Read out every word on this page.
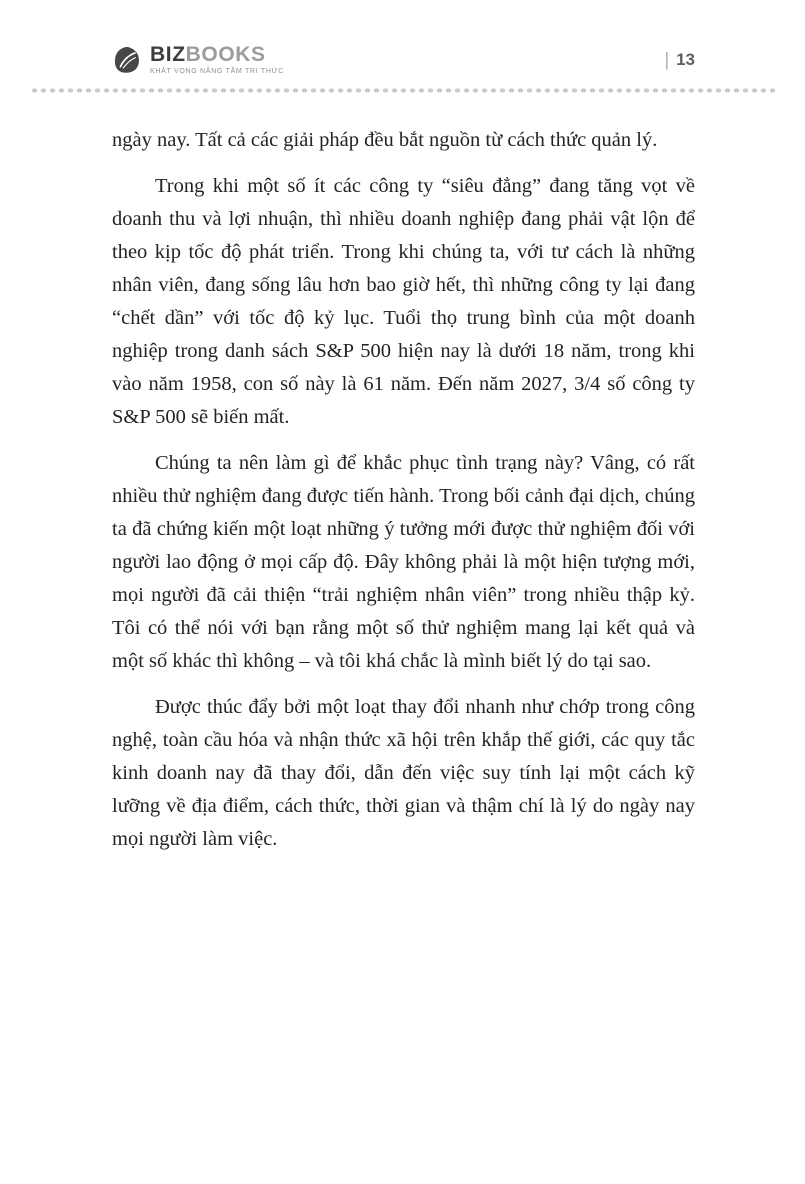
BIZBOOKS
KHÁT VỌNG NÂNG TẦM TRI THỨC
| 13

ngày nay. Tất cả các giải pháp đều bắt nguồn từ cách thức quản lý.

Trong khi một số ít các công ty “siêu đẳng” đang tăng vọt về doanh thu và lợi nhuận, thì nhiều doanh nghiệp đang phải vật lộn để theo kịp tốc độ phát triển. Trong khi chúng ta, với tư cách là những nhân viên, đang sống lâu hơn bao giờ hết, thì những công ty lại đang “chết dần” với tốc độ kỷ lục. Tuổi thọ trung bình của một doanh nghiệp trong danh sách S&P 500 hiện nay là dưới 18 năm, trong khi vào năm 1958, con số này là 61 năm. Đến năm 2027, 3/4 số công ty S&P 500 sẽ biến mất.

Chúng ta nên làm gì để khắc phục tình trạng này? Vâng, có rất nhiều thử nghiệm đang được tiến hành. Trong bối cảnh đại dịch, chúng ta đã chứng kiến một loạt những ý tưởng mới được thử nghiệm đối với người lao động ở mọi cấp độ. Đây không phải là một hiện tượng mới, mọi người đã cải thiện “trải nghiệm nhân viên” trong nhiều thập kỷ. Tôi có thể nói với bạn rằng một số thử nghiệm mang lại kết quả và một số khác thì không – và tôi khá chắc là mình biết lý do tại sao.

Được thúc đẩy bởi một loạt thay đổi nhanh như chớp trong công nghệ, toàn cầu hóa và nhận thức xã hội trên khắp thế giới, các quy tắc kinh doanh nay đã thay đổi, dẫn đến việc suy tính lại một cách kỹ lưỡng về địa điểm, cách thức, thời gian và thậm chí là lý do ngày nay mọi người làm việc.
